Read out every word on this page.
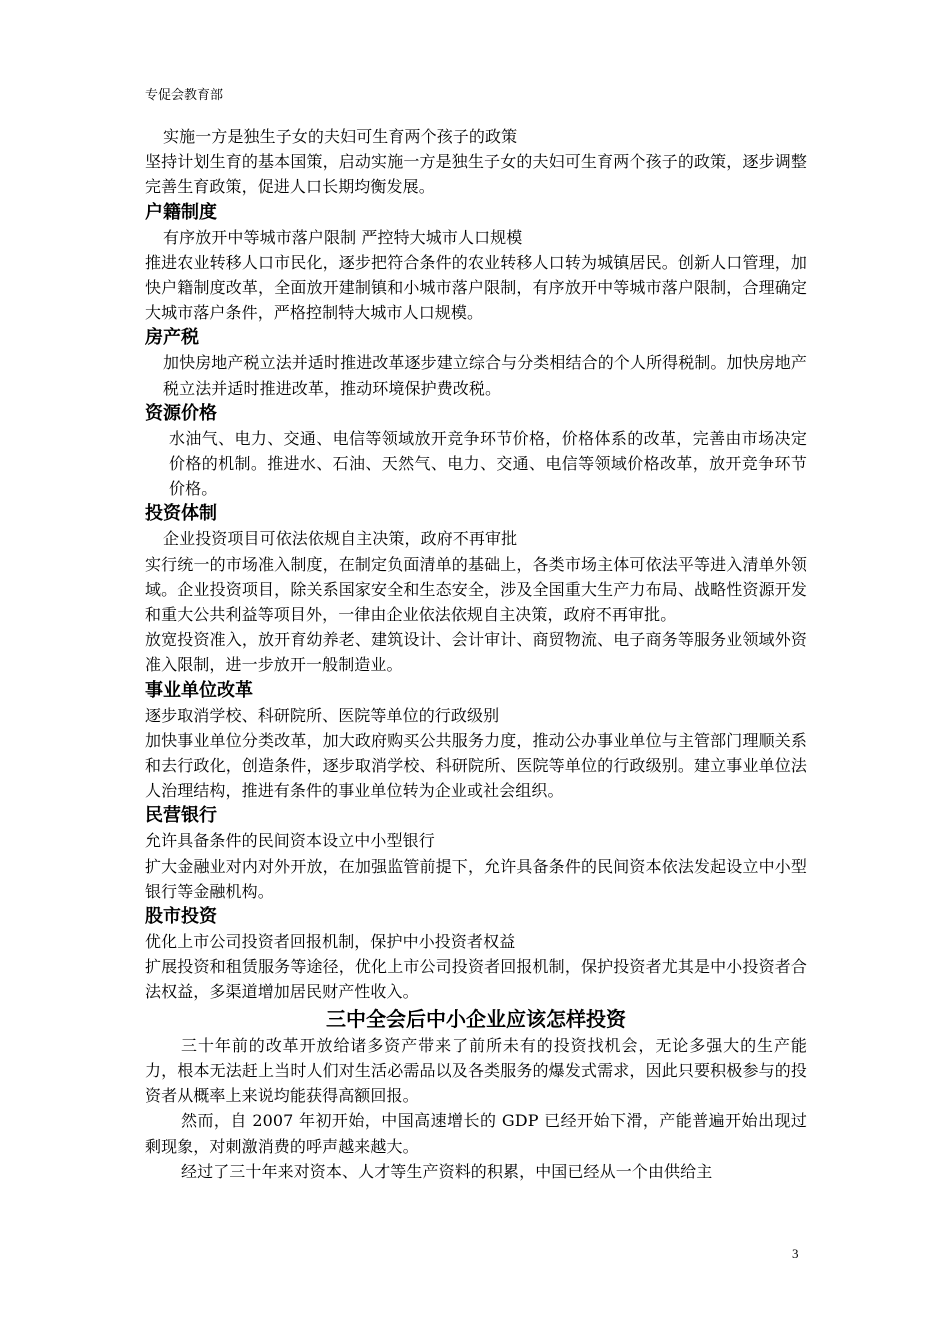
专促会教育部
实施一方是独生子女的夫妇可生育两个孩子的政策
坚持计划生育的基本国策，启动实施一方是独生子女的夫妇可生育两个孩子的政策，逐步调整完善生育政策，促进人口长期均衡发展。
户籍制度
有序放开中等城市落户限制 严控特大城市人口规模
推进农业转移人口市民化，逐步把符合条件的农业转移人口转为城镇居民。创新人口管理，加快户籍制度改革，全面放开建制镇和小城市落户限制，有序放开中等城市落户限制，合理确定大城市落户条件，严格控制特大城市人口规模。
房产税
加快房地产税立法并适时推进改革逐步建立综合与分类相结合的个人所得税制。加快房地产税立法并适时推进改革，推动环境保护费改税。
资源价格
水油气、电力、交通、电信等领域放开竞争环节价格，价格体系的改革，完善由市场决定价格的机制。推进水、石油、天然气、电力、交通、电信等领域价格改革，放开竞争环节价格。
投资体制
企业投资项目可依法依规自主决策，政府不再审批
实行统一的市场准入制度，在制定负面清单的基础上，各类市场主体可依法平等进入清单外领域。企业投资项目，除关系国家安全和生态安全，涉及全国重大生产力布局、战略性资源开发和重大公共利益等项目外，一律由企业依法依规自主决策，政府不再审批。
放宽投资准入，放开育幼养老、建筑设计、会计审计、商贸物流、电子商务等服务业领域外资准入限制，进一步放开一般制造业。
事业单位改革
逐步取消学校、科研院所、医院等单位的行政级别
加快事业单位分类改革，加大政府购买公共服务力度，推动公办事业单位与主管部门理顺关系和去行政化，创造条件，逐步取消学校、科研院所、医院等单位的行政级别。建立事业单位法人治理结构，推进有条件的事业单位转为企业或社会组织。
民营银行
允许具备条件的民间资本设立中小型银行
扩大金融业对内对外开放，在加强监管前提下，允许具备条件的民间资本依法发起设立中小型银行等金融机构。
股市投资
优化上市公司投资者回报机制，保护中小投资者权益
扩展投资和租赁服务等途径，优化上市公司投资者回报机制，保护投资者尤其是中小投资者合法权益，多渠道增加居民财产性收入。
三中全会后中小企业应该怎样投资
三十年前的改革开放给诸多资产带来了前所未有的投资找机会，无论多强大的生产能力，根本无法赶上当时人们对生活必需品以及各类服务的爆发式需求，因此只要积极参与的投资者从概率上来说均能获得高额回报。
然而，自 2007 年初开始，中国高速增长的 GDP 已经开始下滑，产能普遍开始出现过剩现象，对刺激消费的呼声越来越大。
经过了三十年来对资本、人才等生产资料的积累，中国已经从一个由供给主
3
